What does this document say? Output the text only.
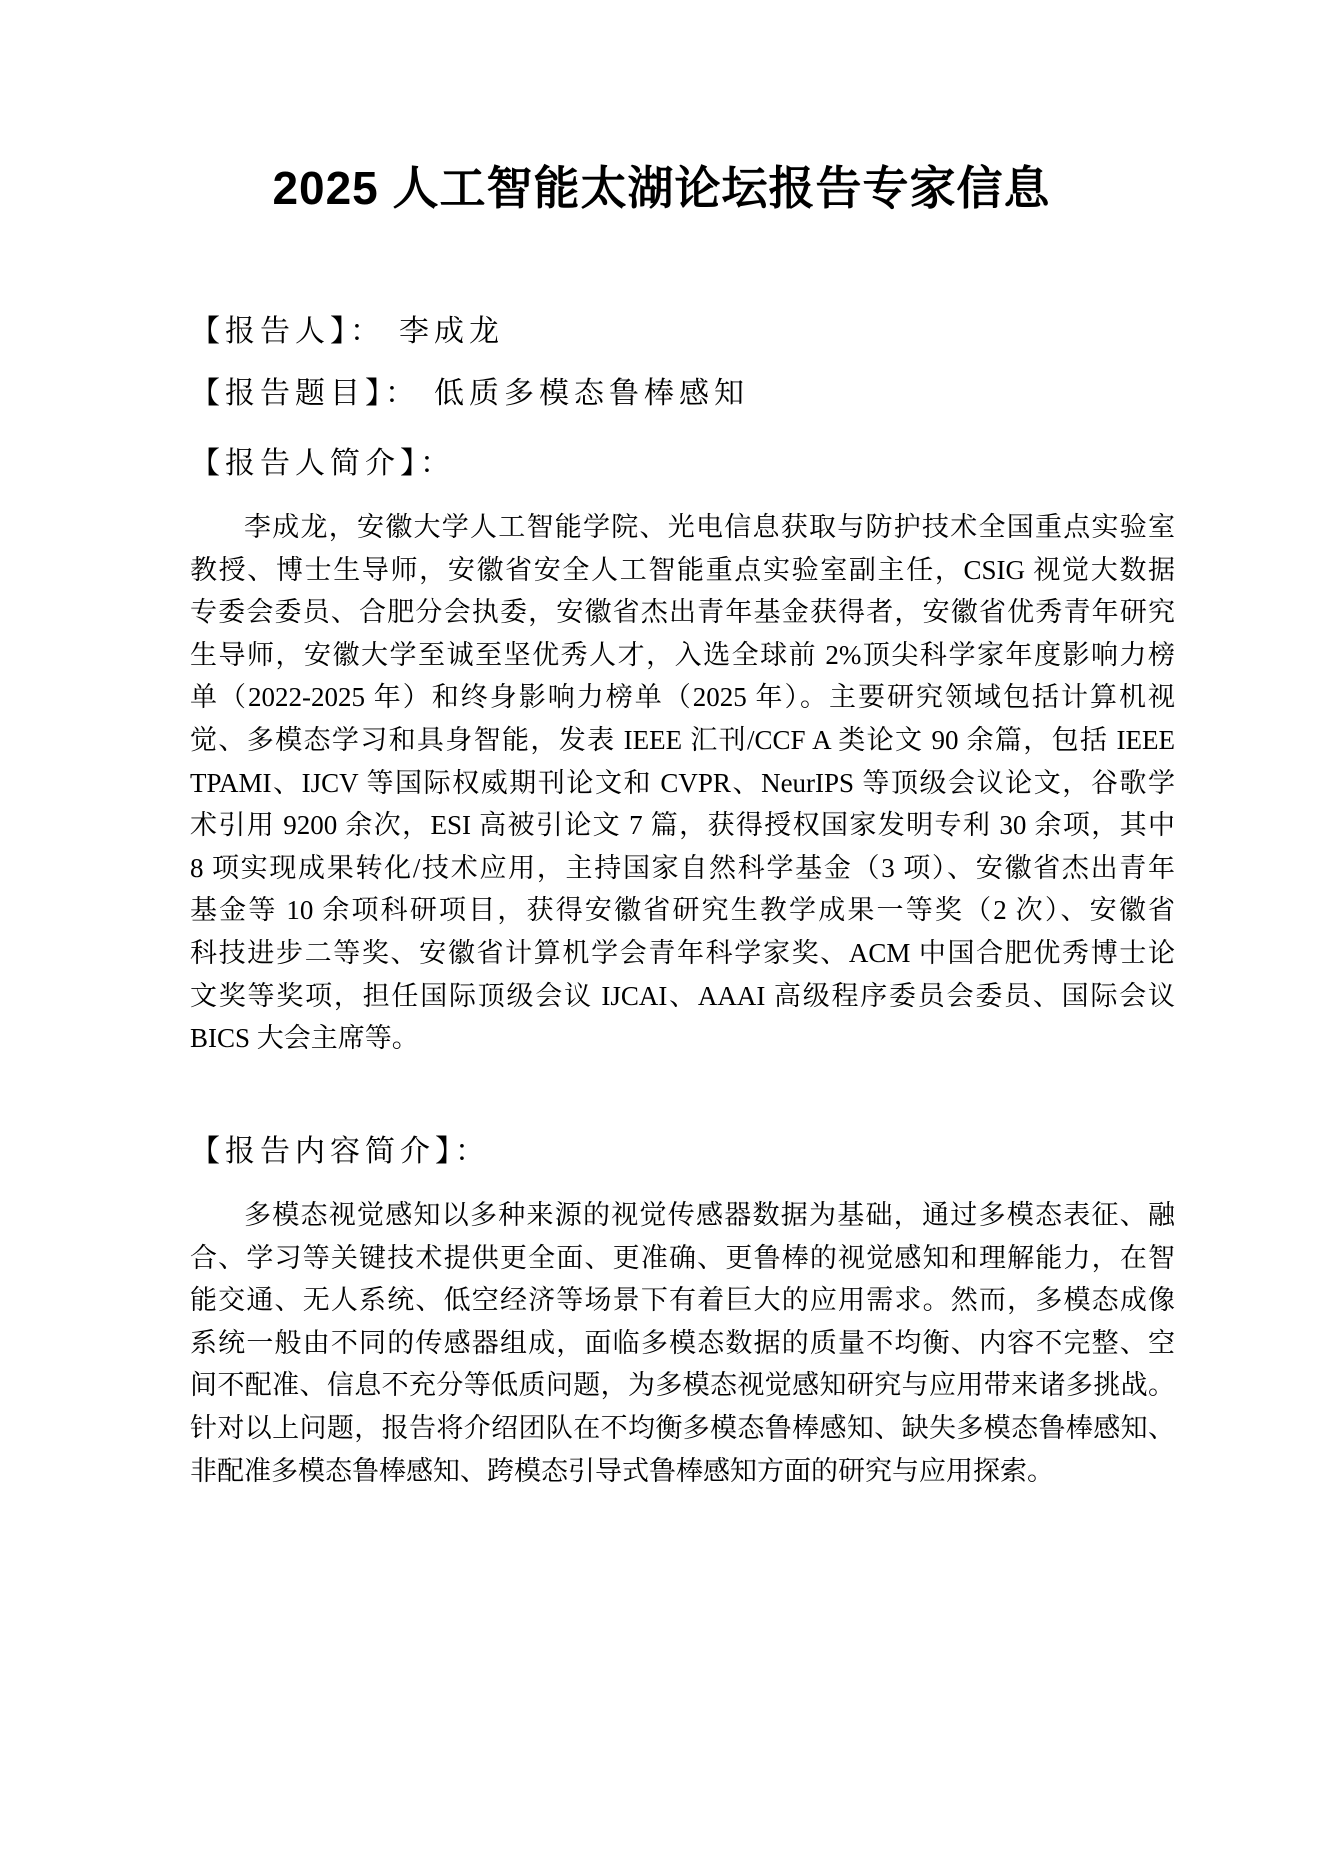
2025 人工智能太湖论坛报告专家信息
【报告人】： 李成龙
【报告题目】： 低质多模态鲁棒感知
【报告人简介】：
李成龙，安徽大学人工智能学院、光电信息获取与防护技术全国重点实验室
教授、博士生导师，安徽省安全人工智能重点实验室副主任，CSIG 视觉大数据
专委会委员、合肥分会执委，安徽省杰出青年基金获得者，安徽省优秀青年研究
生导师，安徽大学至诚至坚优秀人才，入选全球前 2%顶尖科学家年度影响力榜
单（2022-2025 年）和终身影响力榜单（2025 年）。主要研究领域包括计算机视
觉、多模态学习和具身智能，发表 IEEE 汇刊/CCF A 类论文 90 余篇，包括 IEEE
TPAMI、IJCV 等国际权威期刊论文和 CVPR、NeurIPS 等顶级会议论文，谷歌学
术引用 9200 余次，ESI 高被引论文 7 篇，获得授权国家发明专利 30 余项，其中
8 项实现成果转化/技术应用，主持国家自然科学基金（3 项）、安徽省杰出青年
基金等 10 余项科研项目，获得安徽省研究生教学成果一等奖（2 次）、安徽省
科技进步二等奖、安徽省计算机学会青年科学家奖、ACM 中国合肥优秀博士论
文奖等奖项，担任国际顶级会议 IJCAI、AAAI 高级程序委员会委员、国际会议
BICS 大会主席等。
【报告内容简介】：
多模态视觉感知以多种来源的视觉传感器数据为基础，通过多模态表征、融
合、学习等关键技术提供更全面、更准确、更鲁棒的视觉感知和理解能力，在智
能交通、无人系统、低空经济等场景下有着巨大的应用需求。然而，多模态成像
系统一般由不同的传感器组成，面临多模态数据的质量不均衡、内容不完整、空
间不配准、信息不充分等低质问题，为多模态视觉感知研究与应用带来诸多挑战。
针对以上问题，报告将介绍团队在不均衡多模态鲁棒感知、缺失多模态鲁棒感知、
非配准多模态鲁棒感知、跨模态引导式鲁棒感知方面的研究与应用探索。
